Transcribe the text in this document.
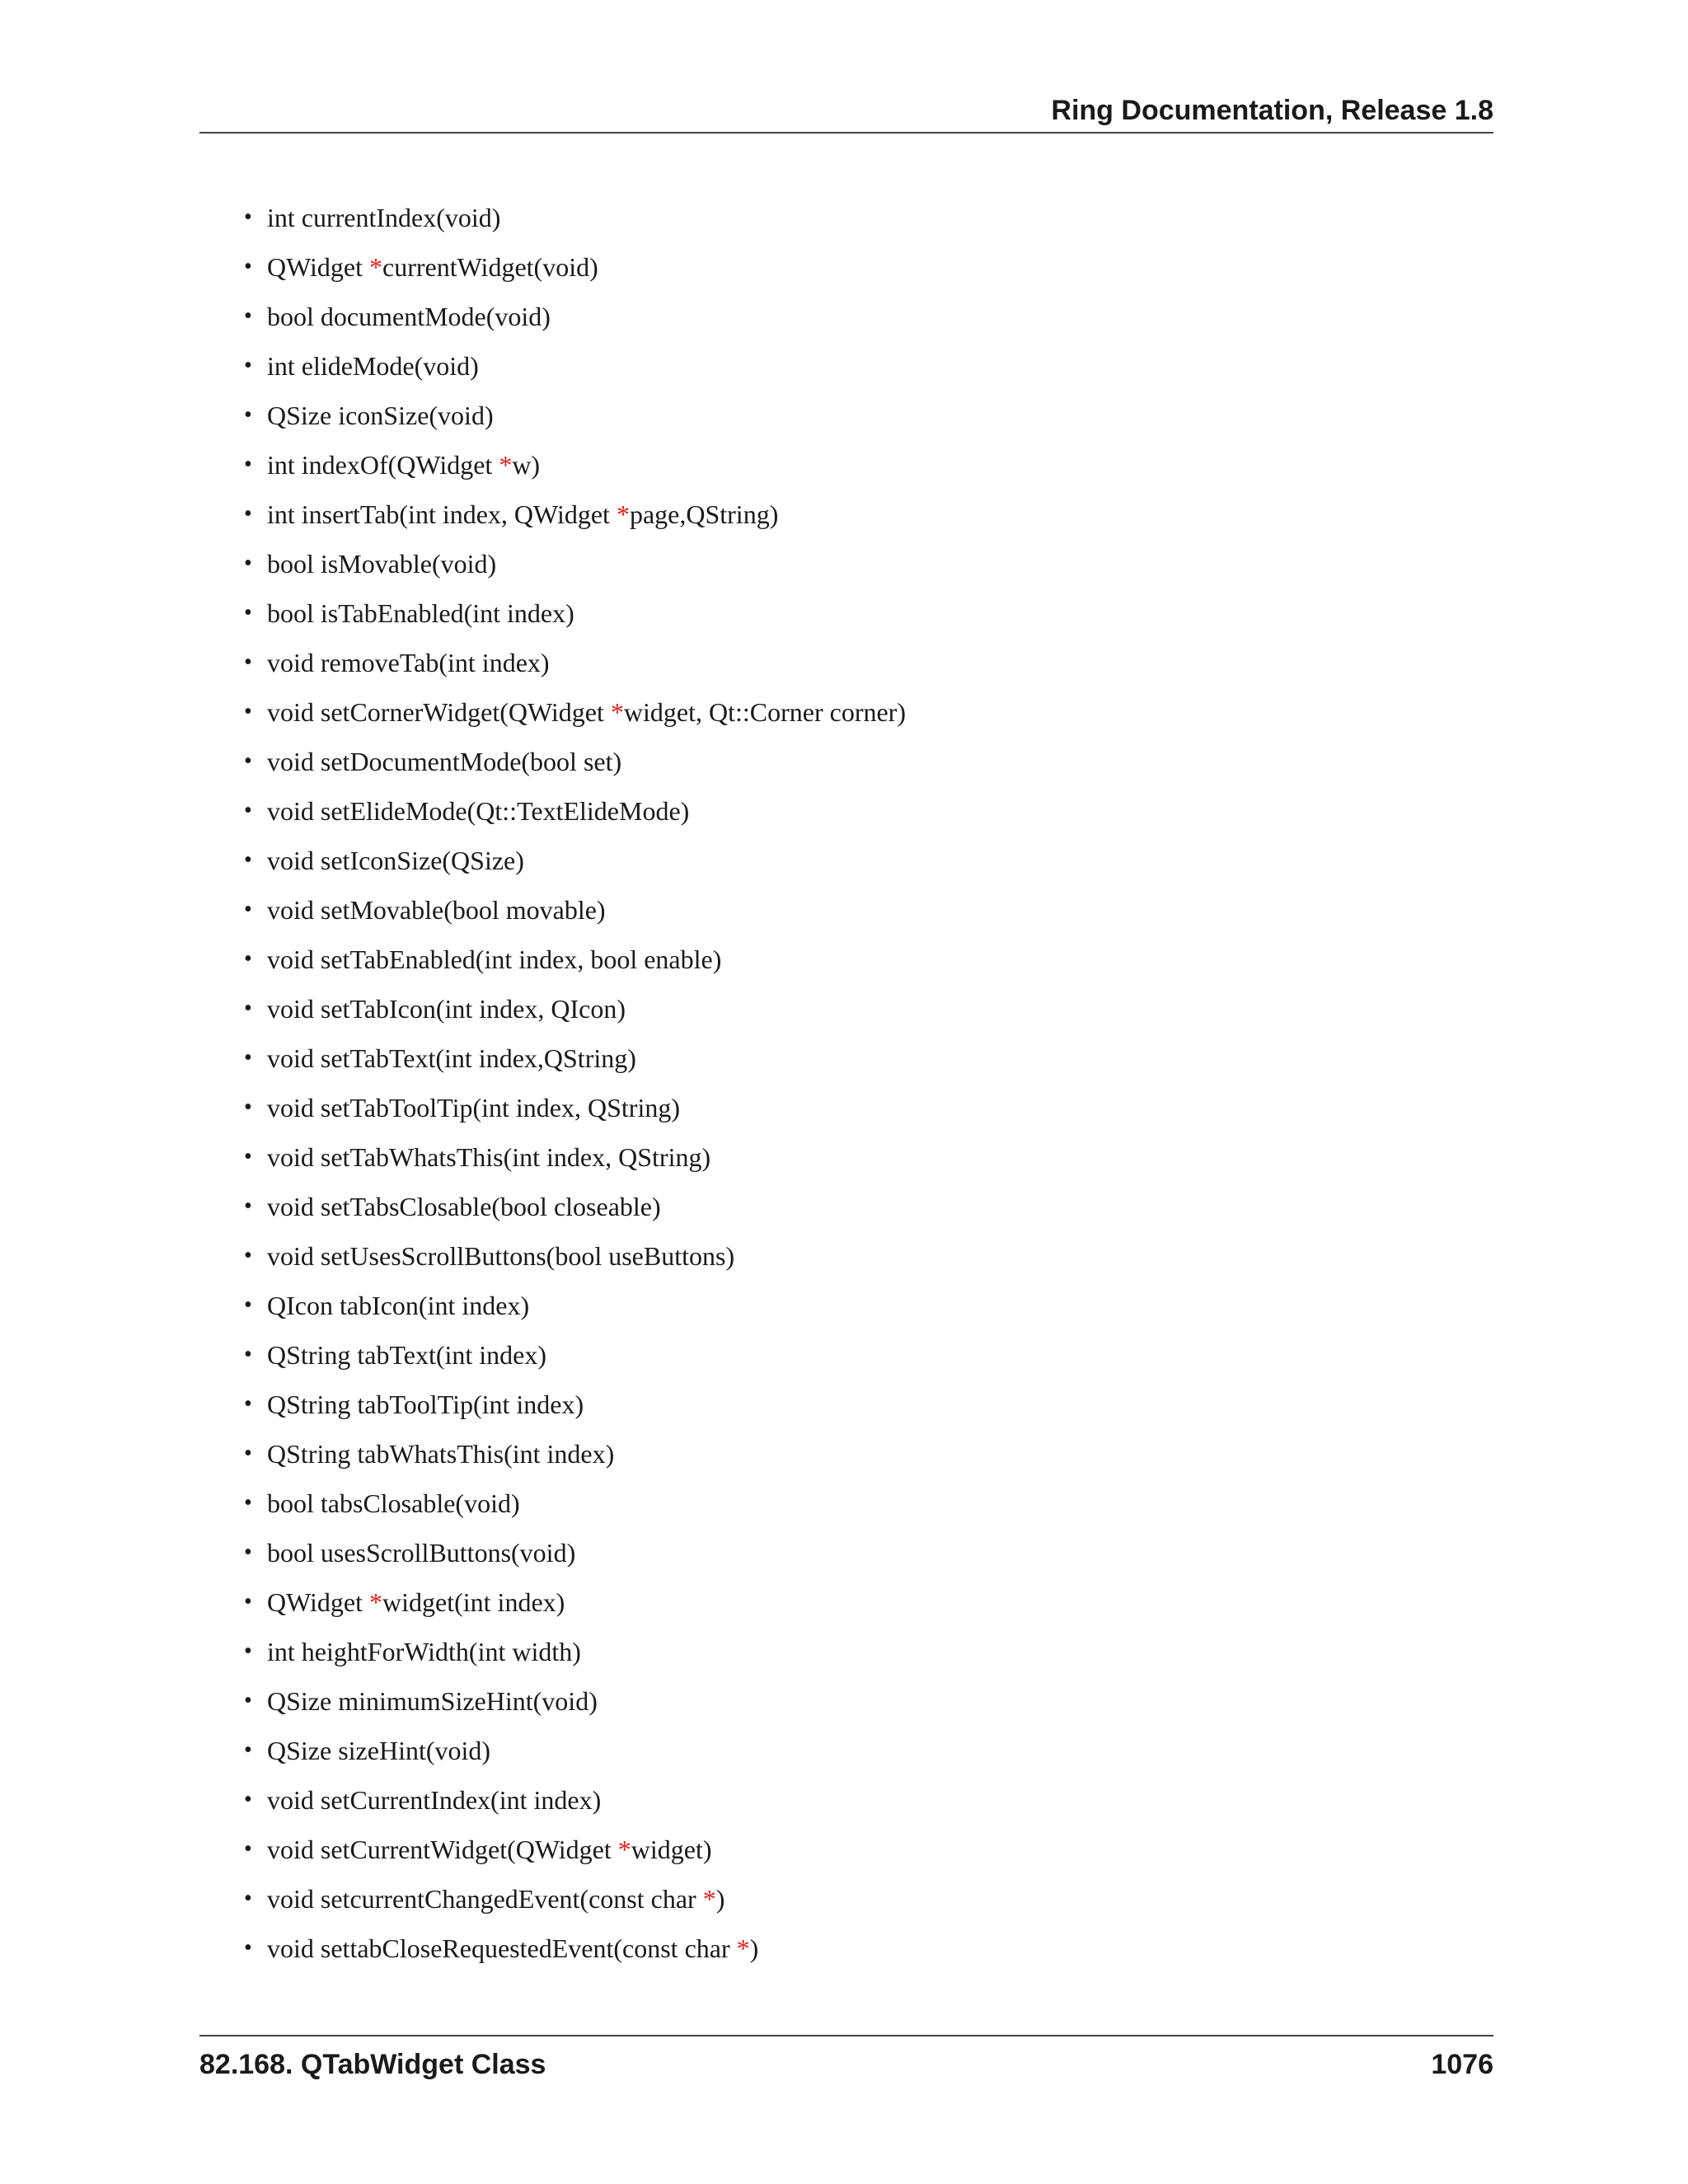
Ring Documentation, Release 1.8
• int currentIndex(void)
• QWidget *currentWidget(void)
• bool documentMode(void)
• int elideMode(void)
• QSize iconSize(void)
• int indexOf(QWidget *w)
• int insertTab(int index, QWidget *page,QString)
• bool isMovable(void)
• bool isTabEnabled(int index)
• void removeTab(int index)
• void setCornerWidget(QWidget *widget, Qt::Corner corner)
• void setDocumentMode(bool set)
• void setElideMode(Qt::TextElideMode)
• void setIconSize(QSize)
• void setMovable(bool movable)
• void setTabEnabled(int index, bool enable)
• void setTabIcon(int index, QIcon)
• void setTabText(int index,QString)
• void setTabToolTip(int index, QString)
• void setTabWhatsThis(int index, QString)
• void setTabsClosable(bool closeable)
• void setUsesScrollButtons(bool useButtons)
• QIcon tabIcon(int index)
• QString tabText(int index)
• QString tabToolTip(int index)
• QString tabWhatsThis(int index)
• bool tabsClosable(void)
• bool usesScrollButtons(void)
• QWidget *widget(int index)
• int heightForWidth(int width)
• QSize minimumSizeHint(void)
• QSize sizeHint(void)
• void setCurrentIndex(int index)
• void setCurrentWidget(QWidget *widget)
• void setcurrentChangedEvent(const char *)
• void settabCloseRequestedEvent(const char *)
82.168. QTabWidget Class	1076
